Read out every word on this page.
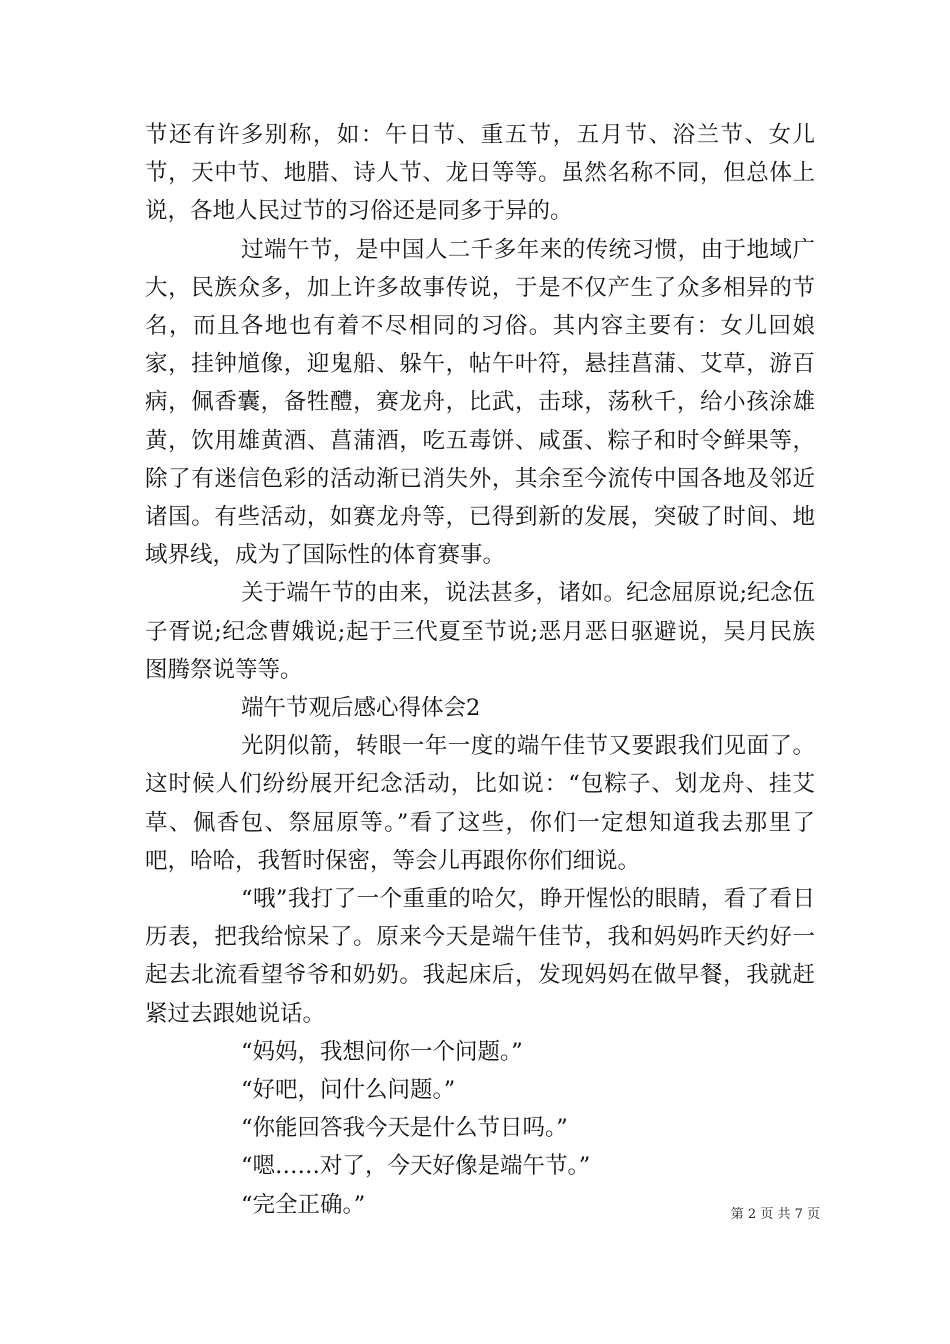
节还有许多别称，如：午日节、重五节，五月节、浴兰节、女儿节，天中节、地腊、诗人节、龙日等等。虽然名称不同，但总体上说，各地人民过节的习俗还是同多于异的。

过端午节，是中国人二千多年来的传统习惯，由于地域广大，民族众多，加上许多故事传说，于是不仅产生了众多相异的节名，而且各地也有着不尽相同的习俗。其内容主要有：女儿回娘家，挂钟馗像，迎鬼船、躲午，帖午叶符，悬挂菖蒲、艾草，游百病，佩香囊，备牲醴，赛龙舟，比武，击球，荡秋千，给小孩涂雄黄，饮用雄黄酒、菖蒲酒，吃五毒饼、咸蛋、粽子和时令鲜果等，除了有迷信色彩的活动渐已消失外，其余至今流传中国各地及邻近诸国。有些活动，如赛龙舟等，已得到新的发展，突破了时间、地域界线，成为了国际性的体育赛事。

关于端午节的由来，说法甚多，诸如。纪念屈原说;纪念伍子胥说;纪念曹娥说;起于三代夏至节说;恶月恶日驱避说，吴月民族图腾祭说等等。

端午节观后感心得体会2

光阴似箭，转眼一年一度的端午佳节又要跟我们见面了。这时候人们纷纷展开纪念活动，比如说：“包粽子、划龙舟、挂艾草、佩香包、祭屈原等。”看了这些，你们一定想知道我去那里了吧，哈哈，我暂时保密，等会儿再跟你你们细说。

“哦”我打了一个重重的哈欠，睁开惺忪的眼睛，看了看日历表，把我给惊呆了。原来今天是端午佳节，我和妈妈昨天约好一起去北流看望爷爷和奶奶。我起床后，发现妈妈在做早餐，我就赶紧过去跟她说话。

“妈妈，我想问你一个问题。”

“好吧，问什么问题。”

“你能回答我今天是什么节日吗。”

“嗯……对了，今天好像是端午节。”

“完全正确。”	第 2 页 共 7 页
